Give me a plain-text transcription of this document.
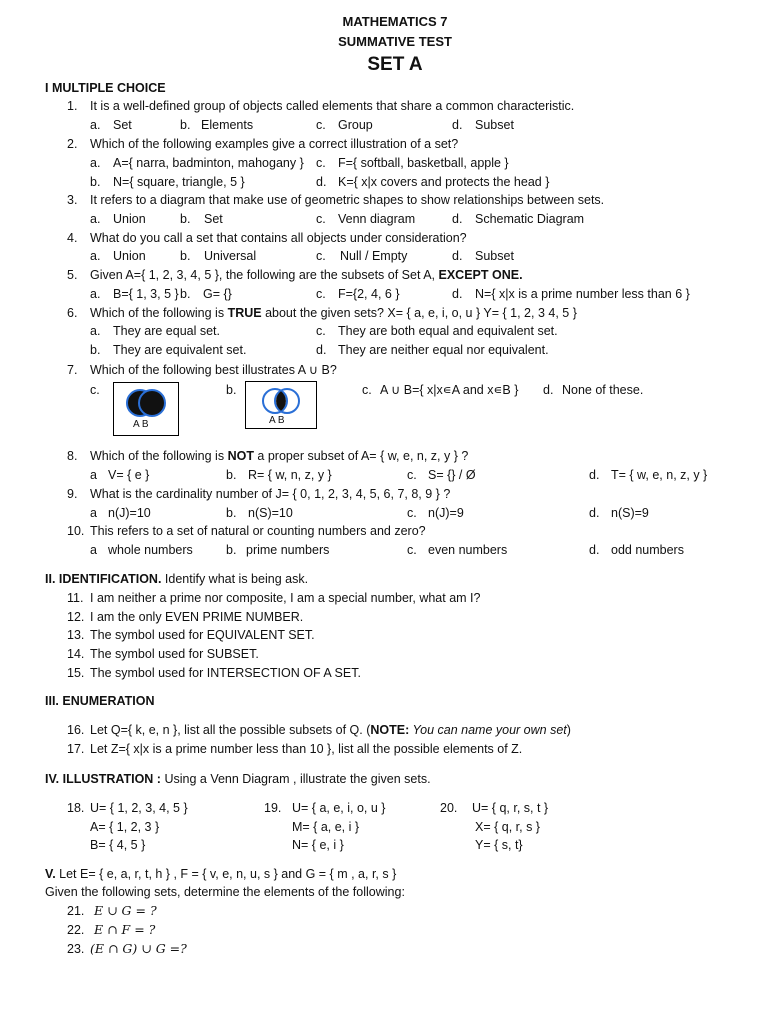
MATHEMATICS 7
SUMMATIVE TEST
SET A
I MULTIPLE CHOICE
1. It is a well-defined group of objects called elements that share a common characteristic.
a. Set	b. Elements	c. Group	d. Subset
2. Which of the following examples give a correct illustration of a set?
a. A={ narra, badminton, mahogany } c. F={ softball, basketball, apple }
b. N={ square, triangle, 5 }	d. K={ x|x covers and protects the head }
3. It refers to a diagram that make use of geometric shapes to show relationships between sets.
a. Union	b. Set	c. Venn diagram	d. Schematic Diagram
4. What do you call a set that contains all objects under consideration?
a. Union	b. Universal	c. Null / Empty	d. Subset
5. Given A={ 1, 2, 3, 4, 5 }, the following are the subsets of Set A, EXCEPT ONE.
a. B={ 1, 3, 5 } b. G= {}	c. F={2, 4, 6 }	d. N={ x|x is a prime number less than 6 }
6. Which of the following is TRUE about the given sets? X= { a, e, i, o, u } Y= { 1, 2, 3 4, 5 }
a. They are equal set.	c. They are both equal and equivalent set.
b. They are equivalent set.	d. They are neither equal nor equivalent.
7. Which of the following best illustrates A ∪ B?
c.
A B
b.
A B
c. A ∪ B={ x|x∊A and x∊B } d. None of these.
8. Which of the following is NOT a proper subset of A= { w, e, n, z, y } ?
a V= { e }	b. R= { w, n, z, y }	c. S= {} / Ø	d. T= { w, e, n, z, y }
9. What is the cardinality number of J= { 0, 1, 2, 3, 4, 5, 6, 7, 8, 9 } ?
a n(J)=10	b. n(S)=10	c. n(J)=9	d. n(S)=9
10. This refers to a set of natural or counting numbers and zero?
a whole numbers	b. prime numbers	c. even numbers	d. odd numbers
II. IDENTIFICATION. Identify what is being ask.
11. I am neither a prime nor composite, I am a special number, what am I?
12. I am the only EVEN PRIME NUMBER.
13. The symbol used for EQUIVALENT SET.
14. The symbol used for SUBSET.
15. The symbol used for INTERSECTION OF A SET.
III. ENUMERATION
16. Let Q={ k, e, n }, list all the possible subsets of Q. (NOTE: You can name your own set)
17. Let Z={ x|x is a prime number less than 10 }, list all the possible elements of Z.
IV. ILLUSTRATION : Using a Venn Diagram , illustrate the given sets.
18. U= { 1, 2, 3, 4, 5 }
A= { 1, 2, 3 }
B= { 4, 5 }
19. U= { a, e, i, o, u }
M= { a, e, i }
N= { e, i }
20. U= { q, r, s, t }
X= { q, r, s }
Y= { s, t}
V. Let E= { e, a, r, t, h } , F = { v, e, n, u, s } and G = { m , a, r, s }
Given the following sets, determine the elements of the following:
21. E ∪ G = ?
22. E ∩ F = ?
23. (E ∩ G) ∪ G =?
